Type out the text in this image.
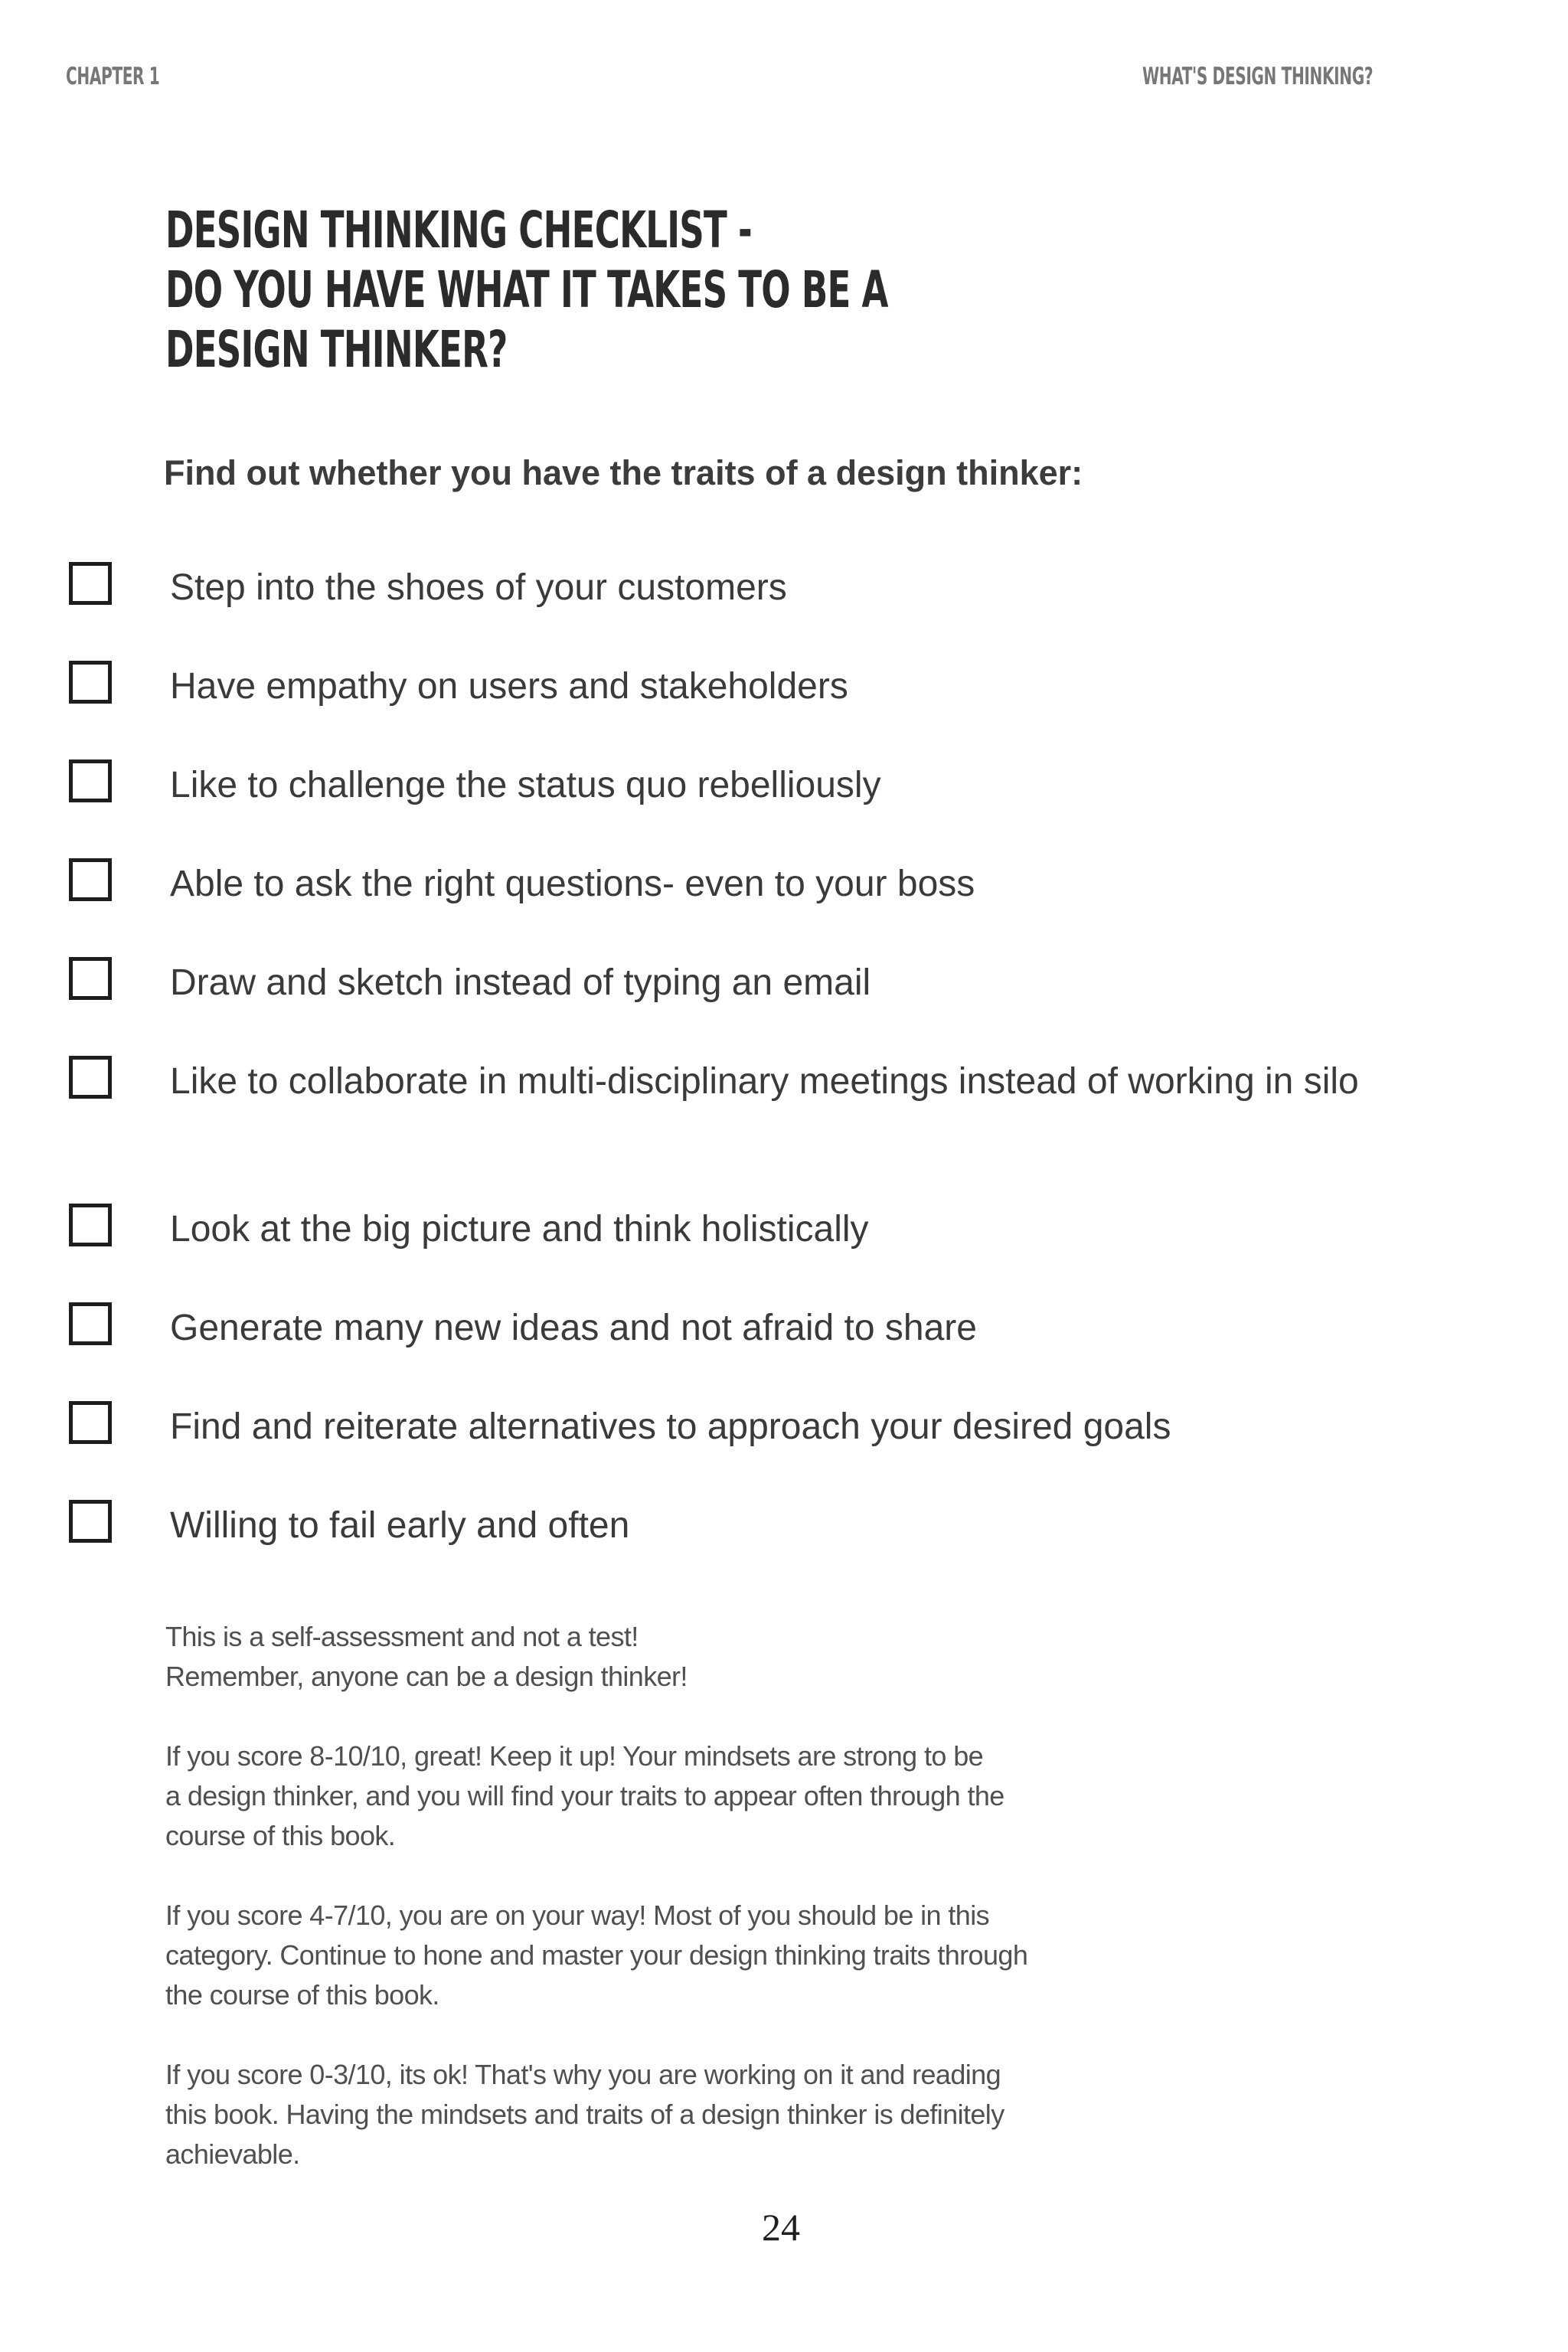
CHAPTER 1	WHAT'S DESIGN THINKING?
DESIGN THINKING CHECKLIST -
DO YOU HAVE WHAT IT TAKES TO BE A
DESIGN THINKER?
Find out whether you have the traits of a design thinker:
Step into the shoes of your customers
Have empathy on users and stakeholders
Like to challenge the status quo rebelliously
Able to ask the right questions- even to your boss
Draw and sketch instead of typing an email
Like to collaborate in multi-disciplinary meetings instead of working in silo
Look at the big picture and think holistically
Generate many new ideas and not afraid to share
Find and reiterate alternatives to approach your desired goals
Willing to fail early and often

This is a self-assessment and not a test!
Remember, anyone can be a design thinker!

If you score 8-10/10, great! Keep it up! Your mindsets are strong to be
a design thinker, and you will find your traits to appear often through the
course of this book.

If you score 4-7/10, you are on your way! Most of you should be in this
category. Continue to hone and master your design thinking traits through
the course of this book.

If you score 0-3/10, its ok! That's why you are working on it and reading
this book. Having the mindsets and traits of a design thinker is definitely
achievable.

24
